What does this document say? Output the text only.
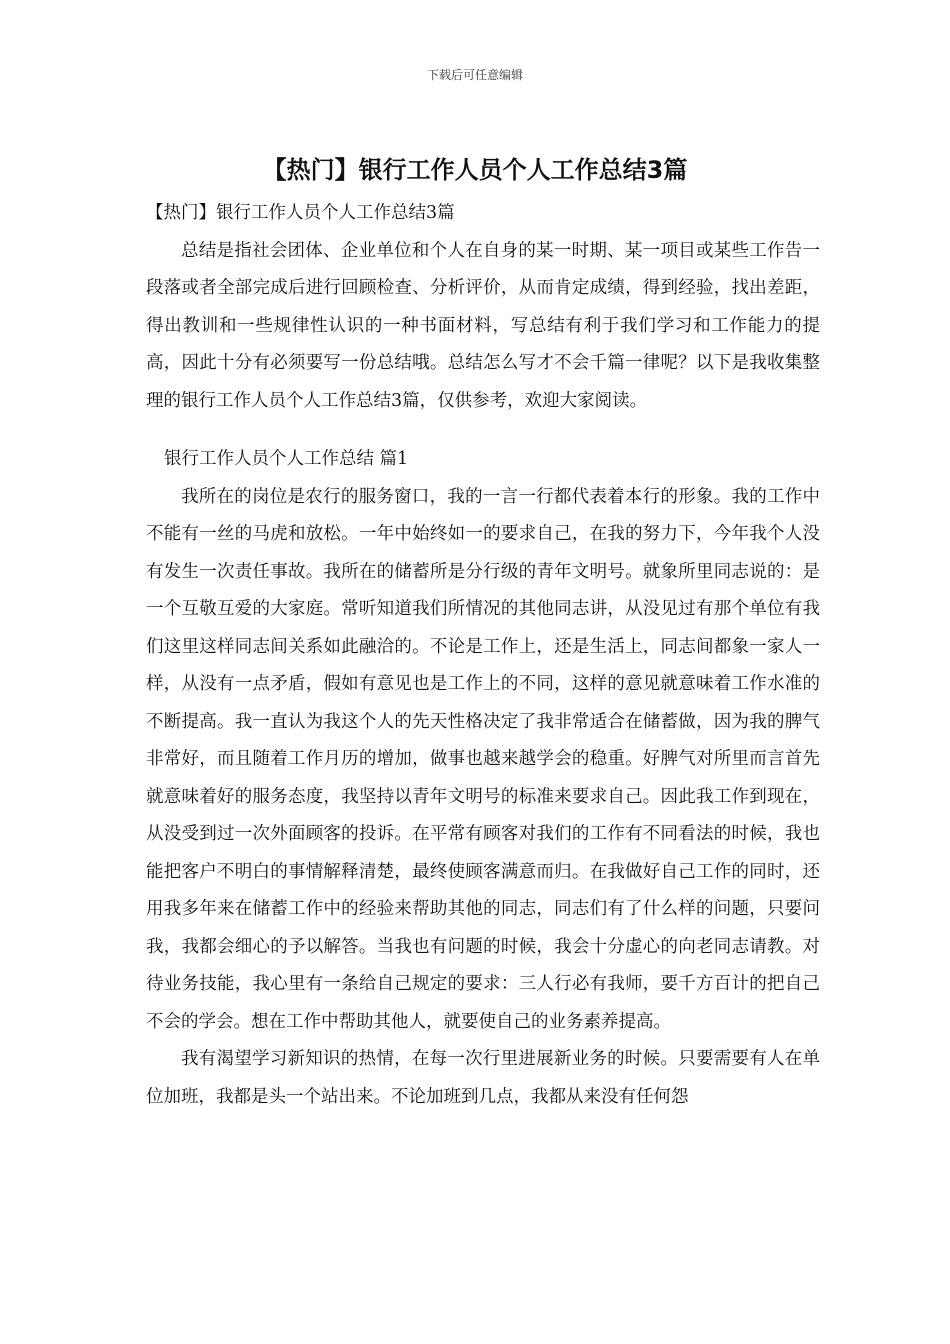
下载后可任意编辑
【热门】银行工作人员个人工作总结3篇

【热门】银行工作人员个人工作总结3篇

总结是指社会团体、企业单位和个人在自身的某一时期、某一项目或某些工作告一段落或者全部完成后进行回顾检查、分析评价，从而肯定成绩，得到经验，找出差距，得出教训和一些规律性认识的一种书面材料，写总结有利于我们学习和工作能力的提高，因此十分有必须要写一份总结哦。总结怎么写才不会千篇一律呢？以下是我收集整理的银行工作人员个人工作总结3篇，仅供参考，欢迎大家阅读。

银行工作人员个人工作总结 篇1

我所在的岗位是农行的服务窗口，我的一言一行都代表着本行的形象。我的工作中不能有一丝的马虎和放松。一年中始终如一的要求自己，在我的努力下，今年我个人没有发生一次责任事故。我所在的储蓄所是分行级的青年文明号。就象所里同志说的：是一个互敬互爱的大家庭。常听知道我们所情况的其他同志讲，从没见过有那个单位有我们这里这样同志间关系如此融洽的。不论是工作上，还是生活上，同志间都象一家人一样，从没有一点矛盾，假如有意见也是工作上的不同，这样的意见就意味着工作水准的不断提高。我一直认为我这个人的先天性格决定了我非常适合在储蓄做，因为我的脾气非常好，而且随着工作月历的增加，做事也越来越学会的稳重。好脾气对所里而言首先就意味着好的服务态度，我坚持以青年文明号的标准来要求自己。因此我工作到现在，从没受到过一次外面顾客的投诉。在平常有顾客对我们的工作有不同看法的时候，我也能把客户不明白的事情解释清楚，最终使顾客满意而归。在我做好自己工作的同时，还用我多年来在储蓄工作中的经验来帮助其他的同志，同志们有了什么样的问题，只要问我，我都会细心的予以解答。当我也有问题的时候，我会十分虚心的向老同志请教。对待业务技能，我心里有一条给自己规定的要求：三人行必有我师，要千方百计的把自己不会的学会。想在工作中帮助其他人，就要使自己的业务素养提高。

我有渴望学习新知识的热情，在每一次行里进展新业务的时候。只要需要有人在单位加班，我都是头一个站出来。不论加班到几点，我都从来没有任何怨
